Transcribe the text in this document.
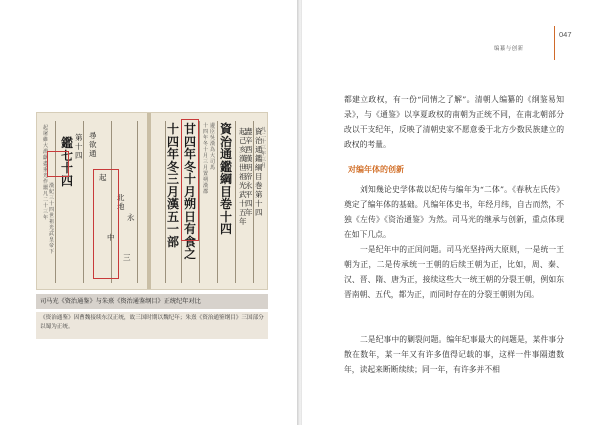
起屠維大淵獻盡重光作噩凡二十三年
鑑七十四
第十四
漢紀三十四世祖光武皇帝下
尋欲通
起
北地
永
中
三
十四年冬三月漢五一部
甘四年冬十月朔日有食之
十四年冬十月三月置朔漢郡
邊臣吳漢為大司馬
資治通鑑綱目卷十四
起己亥漢世祖光武十五年
盡辛酉漢明帝永平四年
資治通鑑綱目巻第十四
凡二十三年三月
司马光《资治通鉴》与朱熹《资治通鉴纲目》正统纪年对比
《资治通鉴》因曹魏接续东汉正统，故三国时期以魏纪年；朱熹《资治通鉴纲目》三国部分以蜀为正统。
047
编纂与创新

都建立政权，有一份“同情之了解”。清朝人编纂的《纲鉴易知录》，与《通鉴》以享夏政权的南朝为正统不同，在南北朝部分改以干支纪年，反映了清朝史家不愿意委于北方少数民族建立的政权的考量。

对编年体的创新

刘知幾论史学体裁以纪传与编年为“二体”。《春秋左氏传》奠定了编年体的基础。凡编年体史书，年经月纬，自古而然，不独《左传》《资治通鉴》为然。司马光的继承与创新，重点体现在如下几点。

一是纪年中的正闰问题。司马光坚持两大原则，一是统一王朝为正，二是传承统一王朝的后续王朝为正，比如，周、秦、汉、晋、隋、唐为正，接续这些大一统王朝的分裂王朝，例如东晋南朝、五代，都为正，而同时存在的分裂王朝则为闰。

二是纪事中的剿裂问题。编年纪事最大的问题是，某件事分散在数年，某一年又有许多值得记载的事，这样一件事隔遗数年，读起来断断续续；同一年，有许多并不相
